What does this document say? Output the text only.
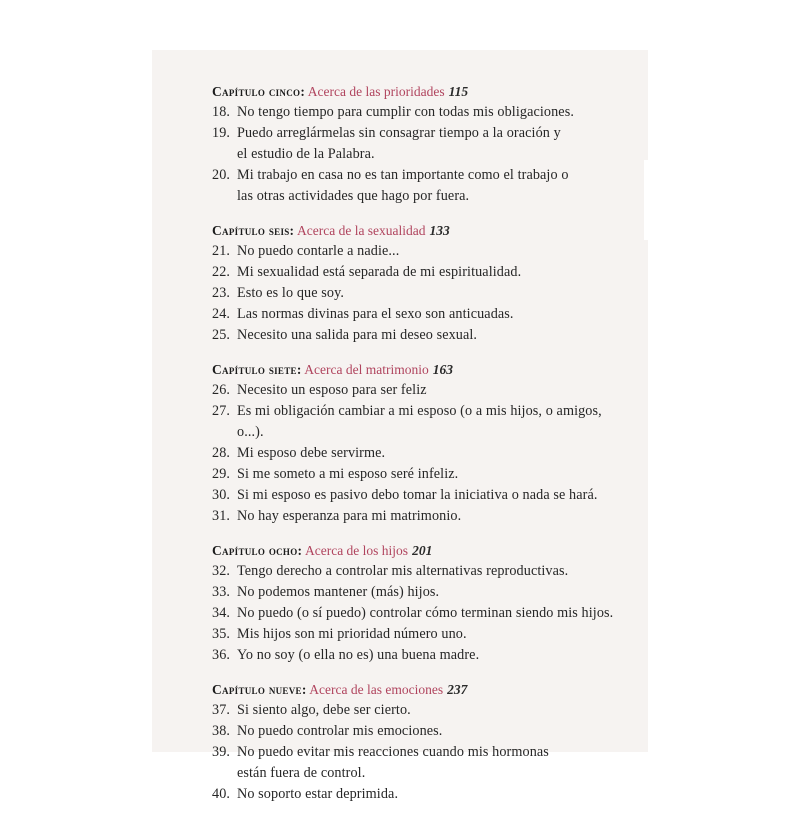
Capítulo cinco: Acerca de las prioridades 115
18. No tengo tiempo para cumplir con todas mis obligaciones.
19. Puedo arreglármelas sin consagrar tiempo a la oración y
el estudio de la Palabra.
20. Mi trabajo en casa no es tan importante como el trabajo o
las otras actividades que hago por fuera.
Capítulo seis: Acerca de la sexualidad 133
21. No puedo contarle a nadie...
22. Mi sexualidad está separada de mi espiritualidad.
23. Esto es lo que soy.
24. Las normas divinas para el sexo son anticuadas.
25. Necesito una salida para mi deseo sexual.
Capítulo siete: Acerca del matrimonio 163
26. Necesito un esposo para ser feliz
27. Es mi obligación cambiar a mi esposo (o a mis hijos, o amigos, o...).
28. Mi esposo debe servirme.
29. Si me someto a mi esposo seré infeliz.
30. Si mi esposo es pasivo debo tomar la iniciativa o nada se hará.
31. No hay esperanza para mi matrimonio.
Capítulo ocho: Acerca de los hijos 201
32. Tengo derecho a controlar mis alternativas reproductivas.
33. No podemos mantener (más) hijos.
34. No puedo (o sí puedo) controlar cómo terminan siendo mis hijos.
35. Mis hijos son mi prioridad número uno.
36. Yo no soy (o ella no es) una buena madre.
Capítulo nueve: Acerca de las emociones 237
37. Si siento algo, debe ser cierto.
38. No puedo controlar mis emociones.
39. No puedo evitar mis reacciones cuando mis hormonas
están fuera de control.
40. No soporto estar deprimida.
